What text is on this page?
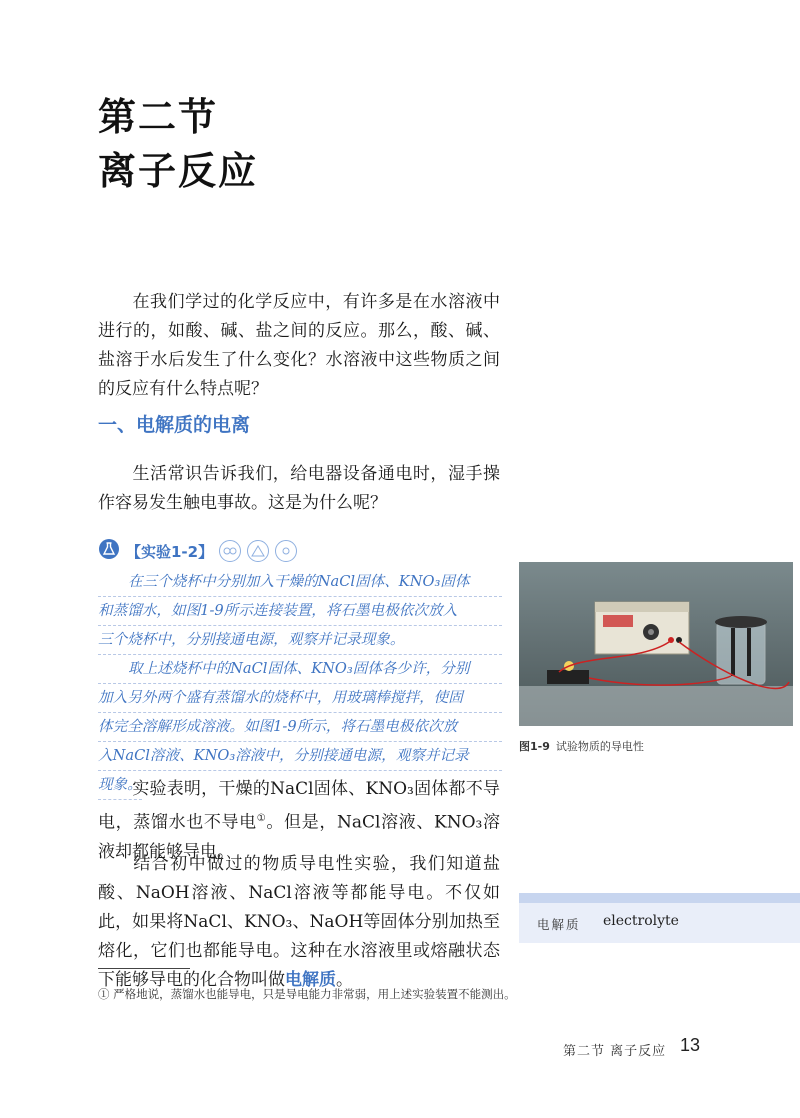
第二节
离子反应

在我们学过的化学反应中，有许多是在水溶液中进行的，如酸、碱、盐之间的反应。那么，酸、碱、盐溶于水后发生了什么变化？水溶液中这些物质之间的反应有什么特点呢？

一、电解质的电离

生活常识告诉我们，给电器设备通电时，湿手操作容易发生触电事故。这是为什么呢？

【实验1-2】
在三个烧杯中分别加入干燥的NaCl固体、KNO₃固体
和蒸馏水，如图1-9所示连接装置，将石墨电极依次放入
三个烧杯中，分别接通电源，观察并记录现象。
取上述烧杯中的NaCl固体、KNO₃固体各少许，分别
加入另外两个盛有蒸馏水的烧杯中，用玻璃棒搅拌，使固
体完全溶解形成溶液。如图1-9所示，将石墨电极依次放
入NaCl溶液、KNO₃溶液中，分别接通电源，观察并记录
现象。
图1-9 试验物质的导电性

实验表明，干燥的NaCl固体、KNO₃固体都不导电，蒸馏水也不导电①。但是，NaCl溶液、KNO₃溶液却都能够导电。

结合初中做过的物质导电性实验，我们知道盐酸、NaOH溶液、NaCl溶液等都能导电。不仅如此，如果将NaCl、KNO₃、NaOH等固体分别加热至熔化，它们也都能导电。这种在水溶液里或熔融状态下能够导电的化合物叫做电解质。

电解质 electrolyte
① 严格地说，蒸馏水也能导电，只是导电能力非常弱，用上述实验装置不能测出。
第二节 离子反应 13
